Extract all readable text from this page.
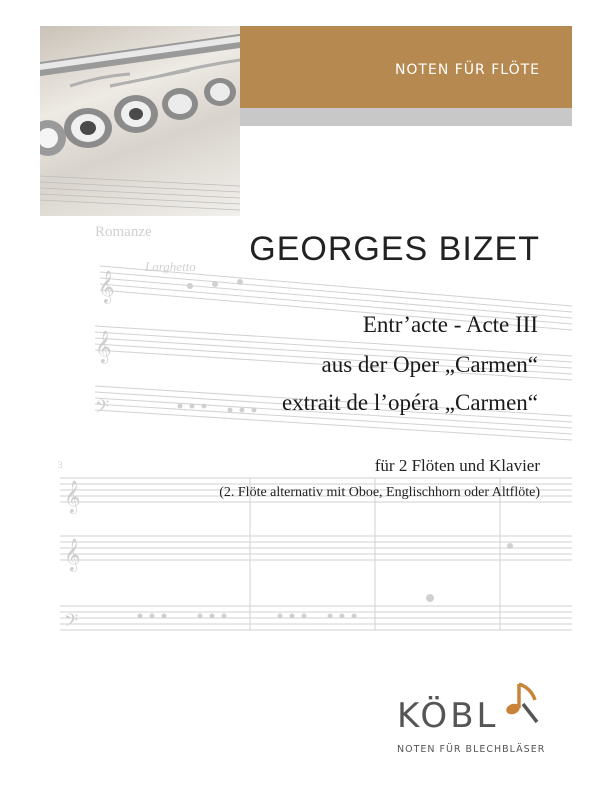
Romanze
Larghetto
3
𝄞
𝄞
𝄢
𝄞
𝄞
𝄢
NOTEN FÜR FLÖTE
GEORGES BIZET
Entr’acte - Acte III
aus der Oper „Carmen“
extrait de l’opéra „Carmen“
für 2 Flöten und Klavier
(2. Flöte alternativ mit Oboe, Englischhorn oder Altflöte)
KÖBL
NOTEN FÜR BLECHBLÄSER
